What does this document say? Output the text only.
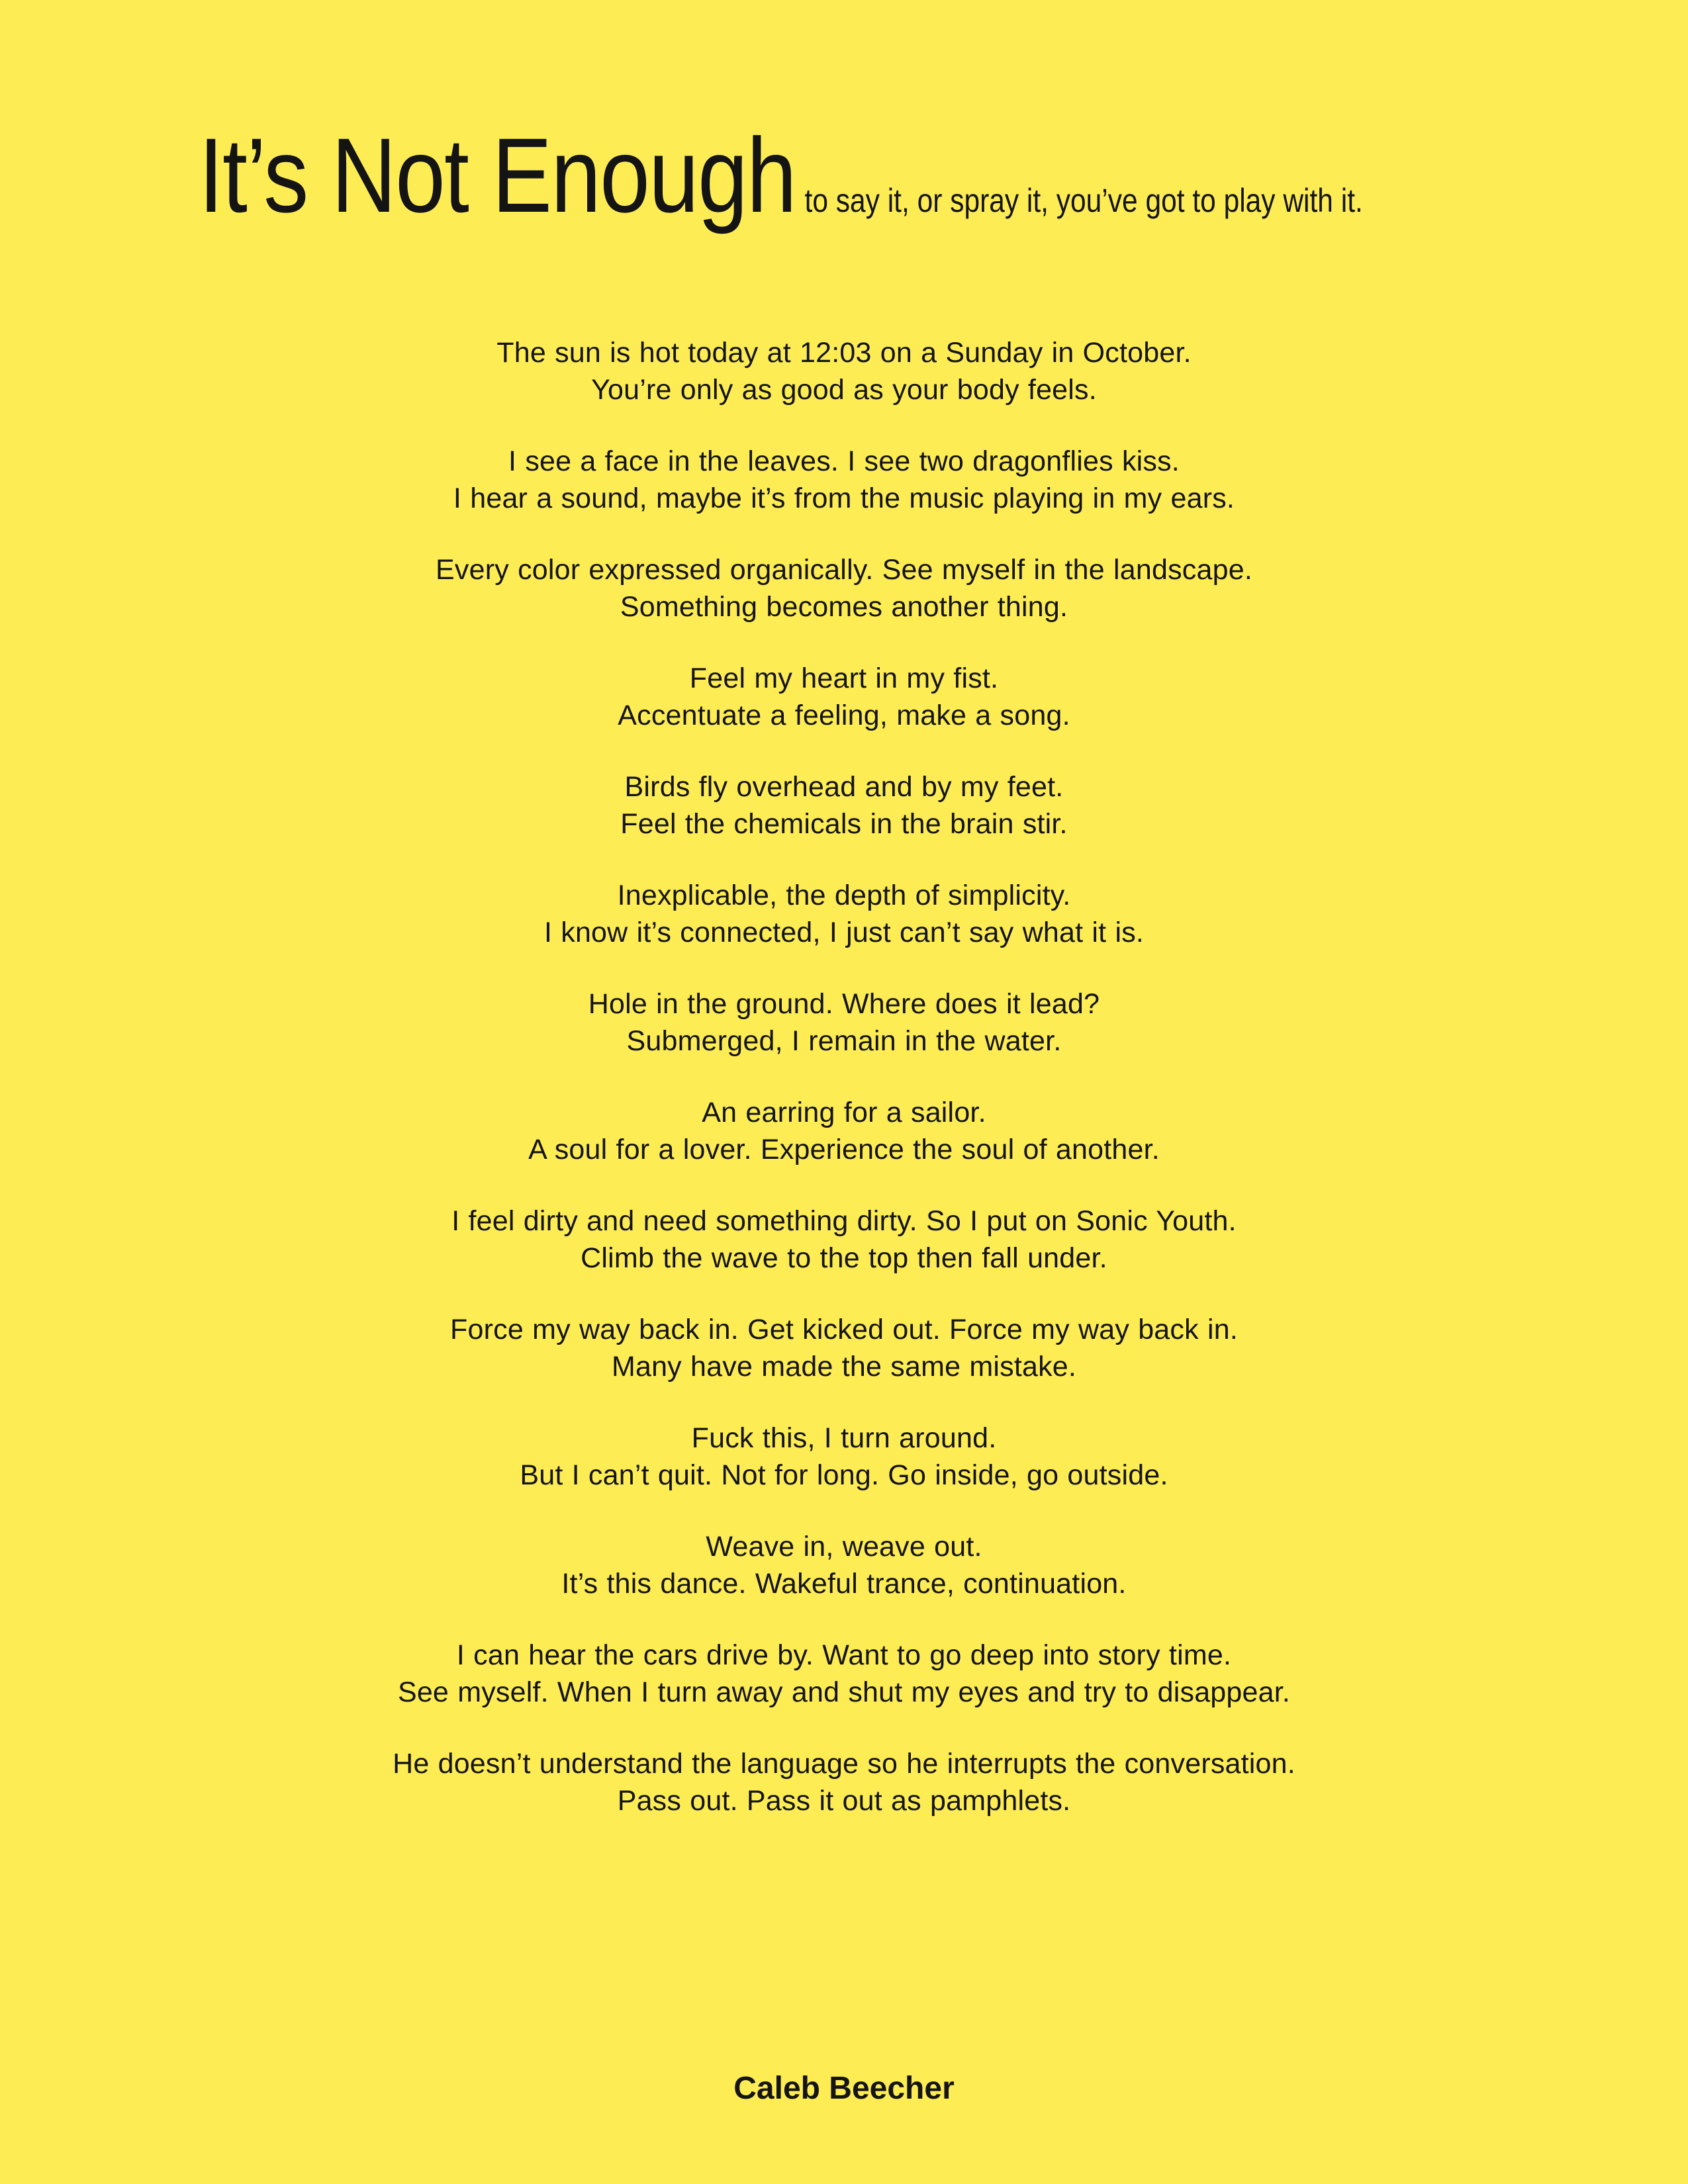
It’s Not Enough to say it, or spray it, you’ve got to play with it.

The sun is hot today at 12:03 on a Sunday in October.
You’re only as good as your body feels.

I see a face in the leaves. I see two dragonflies kiss.
I hear a sound, maybe it’s from the music playing in my ears.

Every color expressed organically. See myself in the landscape.
Something becomes another thing.

Feel my heart in my fist.
Accentuate a feeling, make a song.

Birds fly overhead and by my feet.
Feel the chemicals in the brain stir.

Inexplicable, the depth of simplicity.
I know it’s connected, I just can’t say what it is.

Hole in the ground. Where does it lead?
Submerged, I remain in the water.

An earring for a sailor.
A soul for a lover. Experience the soul of another.

I feel dirty and need something dirty. So I put on Sonic Youth.
Climb the wave to the top then fall under.

Force my way back in. Get kicked out. Force my way back in.
Many have made the same mistake.

Fuck this, I turn around.
But I can’t quit. Not for long. Go inside, go outside.

Weave in, weave out.
It’s this dance. Wakeful trance, continuation.

I can hear the cars drive by. Want to go deep into story time.
See myself. When I turn away and shut my eyes and try to disappear.

He doesn’t understand the language so he interrupts the conversation.
Pass out. Pass it out as pamphlets.

Caleb Beecher
